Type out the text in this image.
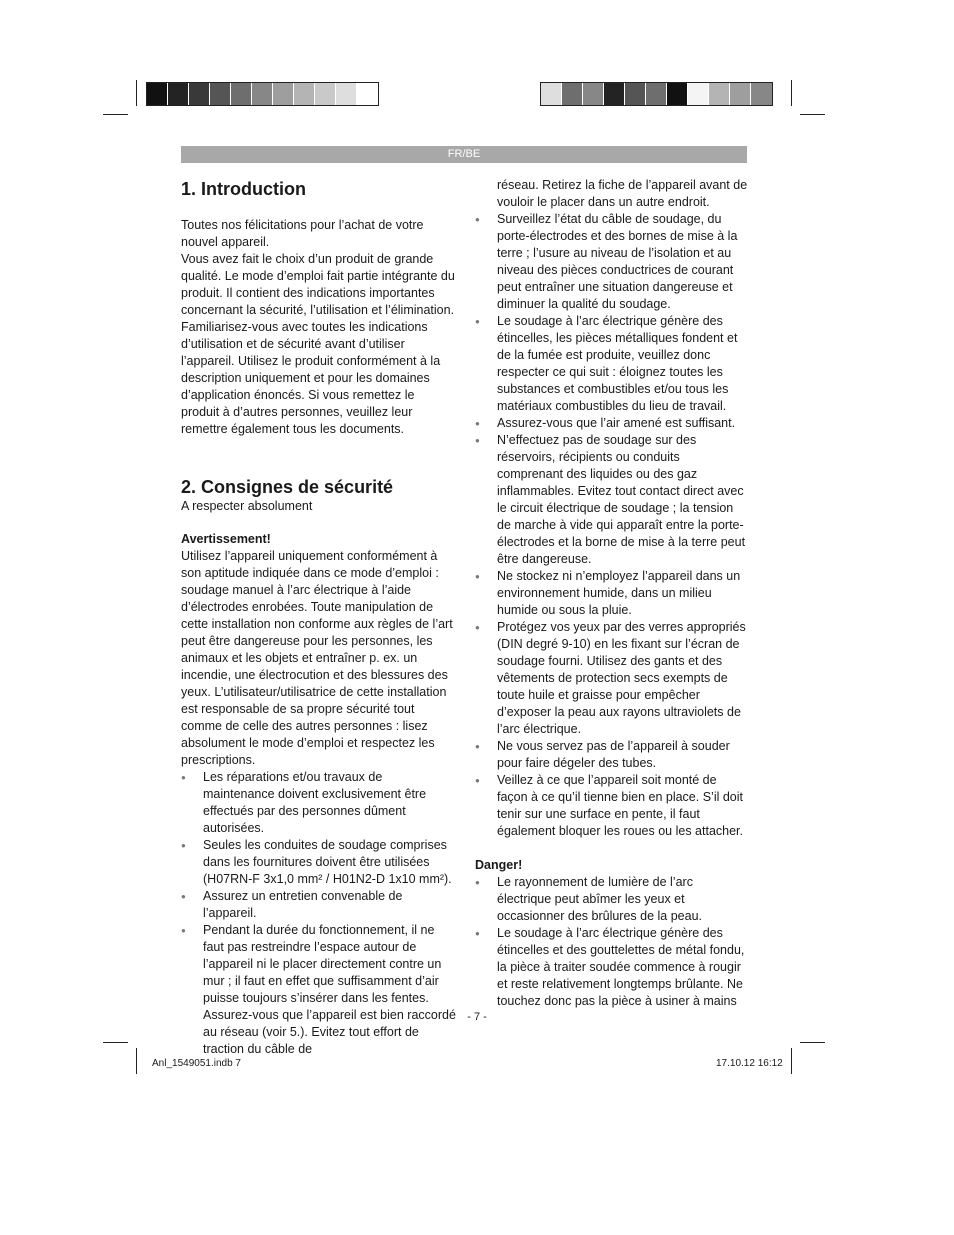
FR/BE
1. Introduction

Toutes nos félicitations pour l’achat de votre nouvel appareil.

Vous avez fait le choix d’un produit de grande qualité. Le mode d’emploi fait partie intégrante du produit. Il contient des indications importantes concernant la sécurité, l’utilisation et l’élimination. Familiarisez-vous avec toutes les indications d’utilisation et de sécurité avant d’utiliser l’appareil. Utilisez le produit conformément à la description uniquement et pour les domaines d’application énoncés. Si vous remettez le produit à d’autres personnes, veuillez leur remettre également tous les documents.

2. Consignes de sécurité

A respecter absolument

Avertissement!

Utilisez l’appareil uniquement conformément à son aptitude indiquée dans ce mode d’emploi : soudage manuel à l’arc électrique à l’aide d’électrodes enrobées. Toute manipulation de cette installation non conforme aux règles de l’art peut être dangereuse pour les personnes, les animaux et les objets et entraîner p. ex. un incendie, une électrocution et des blessures des yeux. L’utilisateur/utilisatrice de cette installation est responsable de sa propre sécurité tout comme de celle des autres personnes : lisez absolument le mode d’emploi et respectez les prescriptions.

● Les réparations et/ou travaux de maintenance doivent exclusivement être effectués par des personnes dûment autorisées.
● Seules les conduites de soudage comprises dans les fournitures doivent être utilisées (H07RN-F 3x1,0 mm² / H01N2-D 1x10 mm²).
● Assurez un entretien convenable de l’appareil.
● Pendant la durée du fonctionnement, il ne faut pas restreindre l’espace autour de l’appareil ni le placer directement contre un mur ; il faut en effet que suffisamment d’air puisse toujours s’insérer dans les fentes. Assurez-vous que l’appareil est bien raccordé au réseau (voir 5.). Evitez tout effort de traction du câble de

réseau. Retirez la fiche de l’appareil avant de vouloir le placer dans un autre endroit.

● Surveillez l’état du câble de soudage, du porte-électrodes et des bornes de mise à la terre ; l’usure au niveau de l’isolation et au niveau des pièces conductrices de courant peut entraîner une situation dangereuse et diminuer la qualité du soudage.
● Le soudage à l’arc électrique génère des étincelles, les pièces métalliques fondent et de la fumée est produite, veuillez donc respecter ce qui suit : éloignez toutes les substances et combustibles et/ou tous les matériaux combustibles du lieu de travail.
● Assurez-vous que l’air amené est suffisant.
● N’effectuez pas de soudage sur des réservoirs, récipients ou conduits comprenant des liquides ou des gaz inflammables. Evitez tout contact direct avec le circuit électrique de soudage ; la tension de marche à vide qui apparaît entre la porte-électrodes et la borne de mise à la terre peut être dangereuse.
● Ne stockez ni n’employez l’appareil dans un environnement humide, dans un milieu humide ou sous la pluie.
● Protégez vos yeux par des verres appropriés (DIN degré 9-10) en les fixant sur l’écran de soudage fourni. Utilisez des gants et des vêtements de protection secs exempts de toute huile et graisse pour empêcher d’exposer la peau aux rayons ultraviolets de l’arc électrique.
● Ne vous servez pas de l’appareil à souder pour faire dégeler des tubes.
● Veillez à ce que l’appareil soit monté de façon à ce qu’il tienne bien en place. S’il doit tenir sur une surface en pente, il faut également bloquer les roues ou les attacher.

Danger!

● Le rayonnement de lumière de l’arc électrique peut abîmer les yeux et occasionner des brûlures de la peau.
● Le soudage à l’arc électrique génère des étincelles et des gouttelettes de métal fondu, la pièce à traiter soudée commence à rougir et reste relativement longtemps brûlante. Ne touchez donc pas la pièce à usiner à mains
- 7 -
Anl_1549051.indb 7	17.10.12 16:12
